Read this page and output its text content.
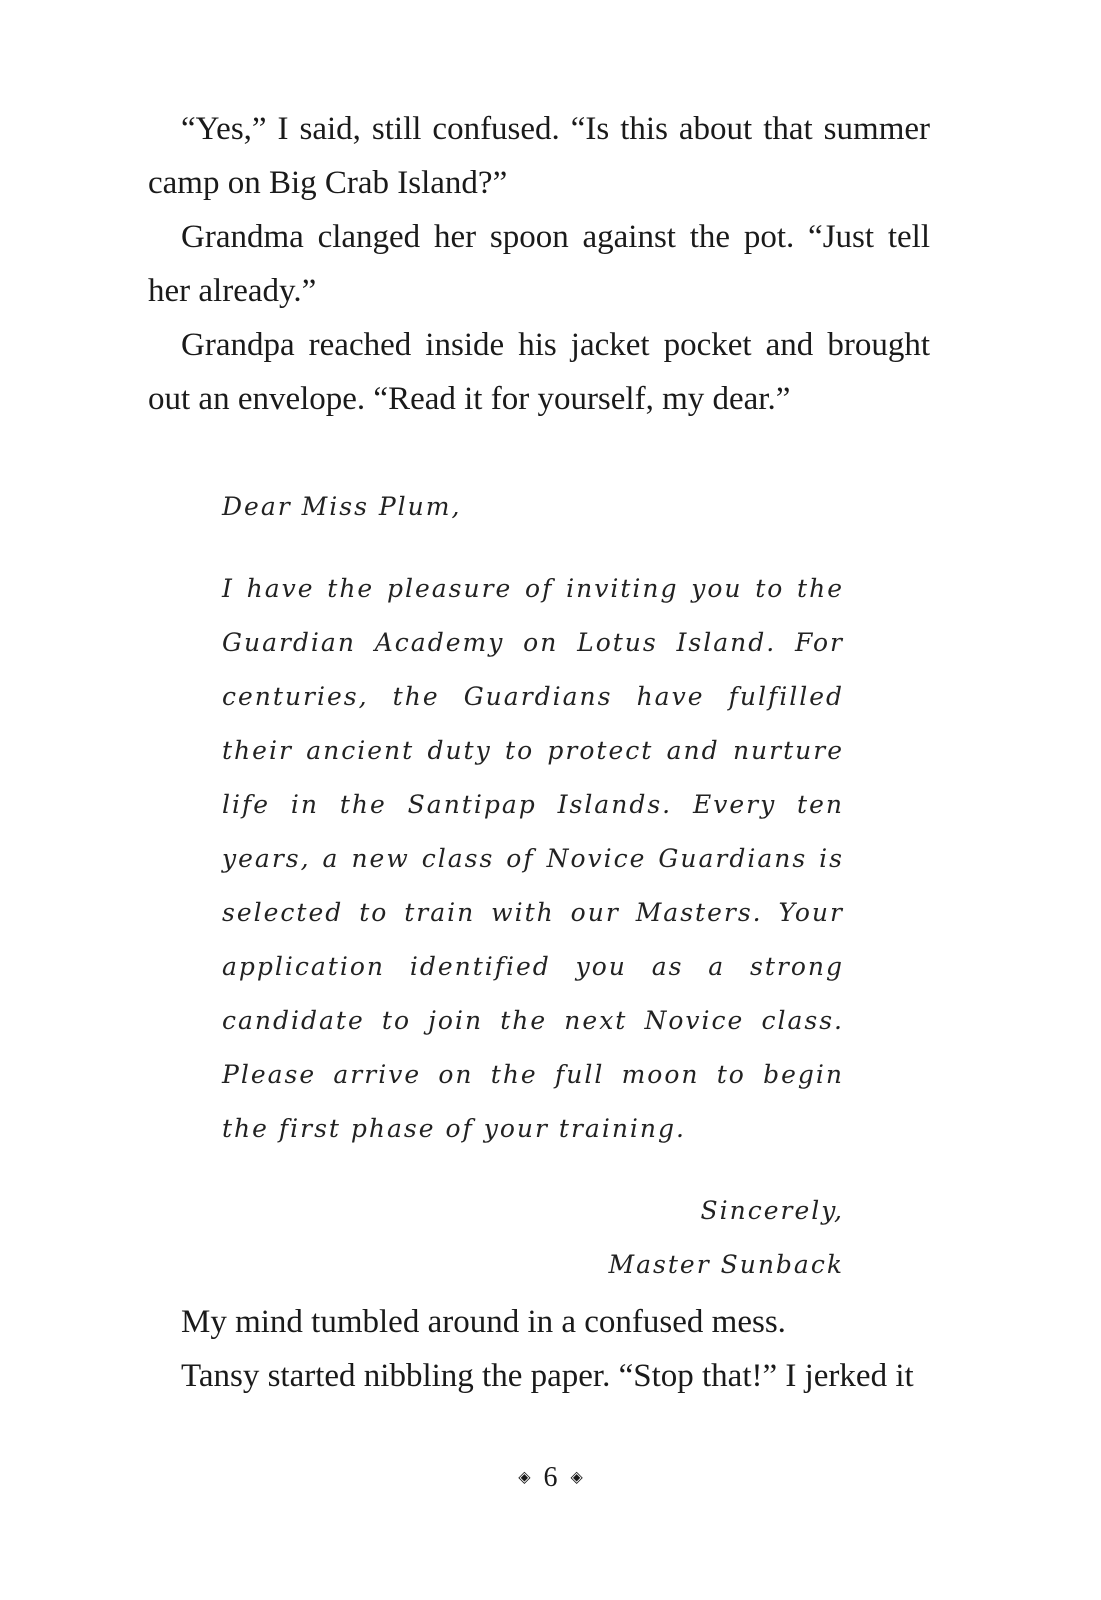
“Yes,” I said, still confused. “Is this about that summer camp on Big Crab Island?”

Grandma clanged her spoon against the pot. “Just tell her already.”

Grandpa reached inside his jacket pocket and brought out an envelope. “Read it for yourself, my dear.”

Dear Miss Plum,

I have the pleasure of inviting you to the Guardian Academy on Lotus Island. For centuries, the Guardians have fulfilled their ancient duty to protect and nurture life in the Santipap Islands. Every ten years, a new class of Novice Guardians is selected to train with our Masters. Your application identified you as a strong candidate to join the next Novice class. Please arrive on the full moon to begin the first phase of your training.

Sincerely,

Master Sunback

My mind tumbled around in a confused mess.

Tansy started nibbling the paper. “Stop that!” I jerked it

◈ 6 ◈
